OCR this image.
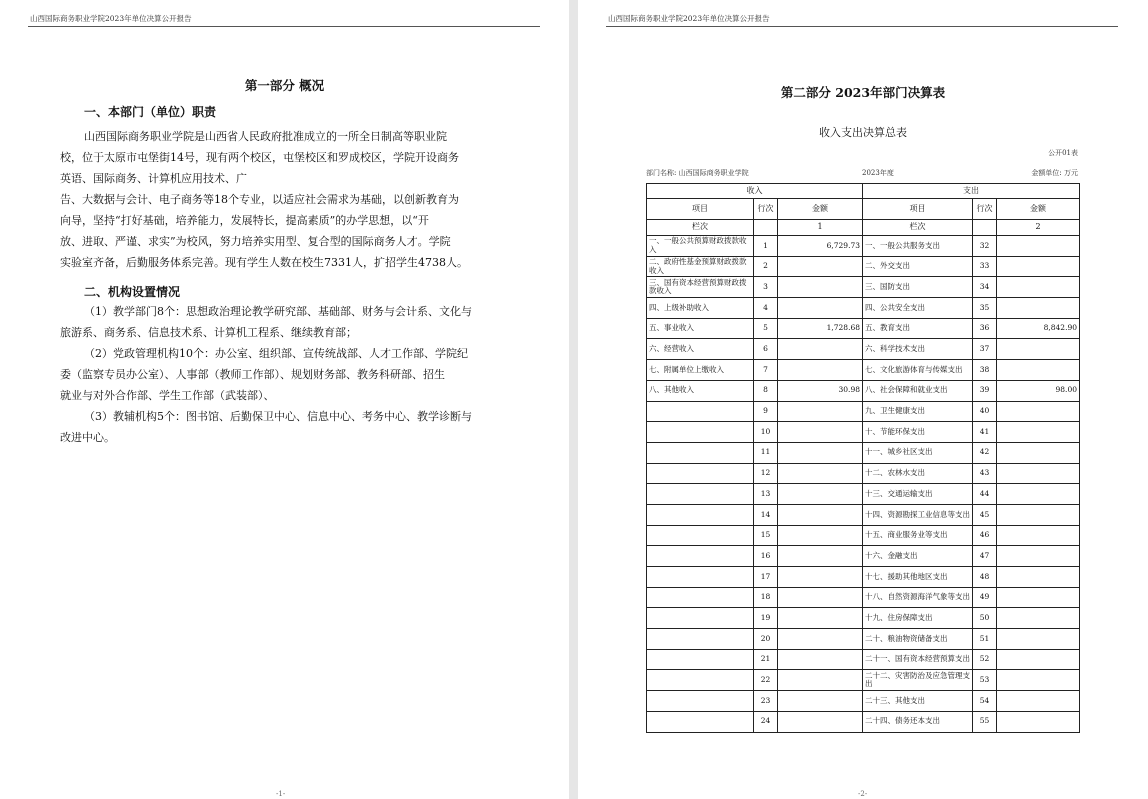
山西国际商务职业学院2023年单位决算公开报告
第一部分 概况
一、本部门（单位）职责

山西国际商务职业学院是山西省人民政府批准成立的一所全日制高等职业院

校，位于太原市屯堡街14号，现有两个校区，屯堡校区和罗成校区，学院开设商务

英语、国际商务、计算机应用技术、广

告、大数据与会计、电子商务等18个专业，以适应社会需求为基础，以创新教育为

向导，坚持“打好基础，培养能力，发展特长，提高素质”的办学思想，以“开

放、进取、严谨、求实”为校风，努力培养实用型、复合型的国际商务人才。学院

实验室齐备，后勤服务体系完善。现有学生人数在校生7331人，扩招学生4738人。

二、机构设置情况

（1）教学部门8个：思想政治理论教学研究部、基础部、财务与会计系、文化与

旅游系、商务系、信息技术系、计算机工程系、继续教育部；

（2）党政管理机构10个：办公室、组织部、宣传统战部、人才工作部、学院纪

委（监察专员办公室）、人事部（教师工作部）、规划财务部、教务科研部、招生

就业与对外合作部、学生工作部（武装部）、

（3）教辅机构5个：图书馆、后勤保卫中心、信息中心、考务中心、教学诊断与

改进中心。

-1-
山西国际商务职业学院2023年单位决算公开报告
第二部分 2023年部门决算表
收入支出决算总表
公开01表
部门名称: 山西国际商务职业学院	2023年度	金额单位: 万元
收入			支出		
项目	行次	金额	项目	行次	金额
栏次		1	栏次		2
一、一般公共预算财政拨款收入	1	6,729.73	一、一般公共服务支出	32	
二、政府性基金预算财政拨款收入	2		二、外交支出	33	
三、国有资本经营预算财政拨款收入	3		三、国防支出	34	
四、上级补助收入	4		四、公共安全支出	35	
五、事业收入	5	1,728.68	五、教育支出	36	8,842.90
六、经营收入	6		六、科学技术支出	37	
七、附属单位上缴收入	7		七、文化旅游体育与传媒支出	38	
八、其他收入	8	30.98	八、社会保障和就业支出	39	98.00
	9		九、卫生健康支出	40	
	10		十、节能环保支出	41	
	11		十一、城乡社区支出	42	
	12		十二、农林水支出	43	
	13		十三、交通运输支出	44	
	14		十四、资源勘探工业信息等支出	45	
	15		十五、商业服务业等支出	46	
	16		十六、金融支出	47	
	17		十七、援助其他地区支出	48	
	18		十八、自然资源海洋气象等支出	49	
	19		十九、住房保障支出	50	
	20		二十、粮油物资储备支出	51	
	21		二十一、国有资本经营预算支出	52	
	22		二十二、灾害防治及应急管理支出	53	
	23		二十三、其他支出	54	
	24		二十四、债务还本支出	55	
-2-
